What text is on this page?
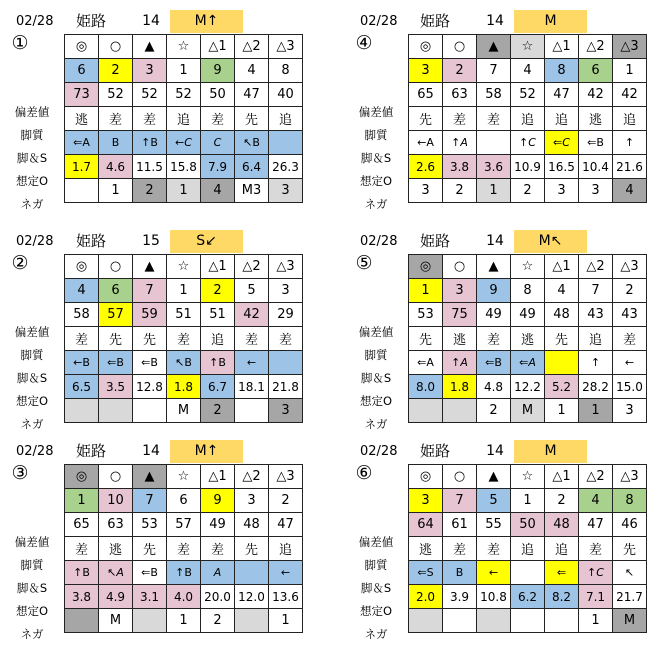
02/28	姫路	14	M↑
①
偏差値
脚質
脚＆S
想定O
ネガ
◎	○	▲	☆	△1	△2	△3
6	2	3	1	9	4	8
73	52	52	52	50	47	40
逃	差	差	追	差	先	追
⇐A	B	↑B	←C	C	↖B	
1.7	4.6	11.5	15.8	7.9	6.4	26.3
	1	2	1	4	M3	3
02/28	姫路	14	M
④
偏差値
脚質
脚＆S
想定O
ネガ
◎	○	▲	☆	△1	△2	△3
3	2	7	4	8	6	1
65	63	58	52	47	42	42
先	差	差	追	追	逃	追
←A	↑A		↑C	⇐C	⇐B	↑
2.6	3.8	3.6	10.9	16.5	10.4	21.6
3	2	1	2	3	3	4
02/28	姫路	15	S↙
②
偏差値
脚質
脚＆S
想定O
ネガ
◎	○	▲	☆	△1	△2	△3
4	6	7	1	2	5	3
58	57	59	51	51	42	29
差	先	先	差	追	差	差
←B	⇐B	⇐B	↖B	↑B	←	
6.5	3.5	12.8	1.8	6.7	18.1	21.8
			M	2		3
02/28	姫路	14	M↖
⑤
偏差値
脚質
脚＆S
想定O
ネガ
◎	○	▲	☆	△1	△2	△3
1	3	9	8	4	7	2
53	75	49	49	48	43	43
先	逃	差	逃	先	追	差
⇐A	↑A	⇐B	⇐A		↑	←
8.0	1.8	4.8	12.2	5.2	28.2	15.0
		2	M	1	1	3
02/28	姫路	14	M↑
③
偏差値
脚質
脚＆S
想定O
ネガ
◎	○	▲	☆	△1	△2	△3
1	10	7	6	9	3	2
65	63	53	57	49	48	47
差	逃	先	差	差	先	追
↑B	↖A	⇐B	↑B	A		←
3.8	4.9	3.1	4.0	20.0	12.0	13.6
	M		1	2		1
02/28	姫路	14	M
⑥
偏差値
脚質
脚＆S
想定O
ネガ
◎	○	▲	☆	△1	△2	△3
3	7	5	1	2	4	8
64	61	55	50	48	47	46
逃	差	差	追	追	差	先
⇐S	B	←		⇐	↑C	↖
2.0	3.9	10.8	6.2	8.2	7.1	21.7
					1	M
